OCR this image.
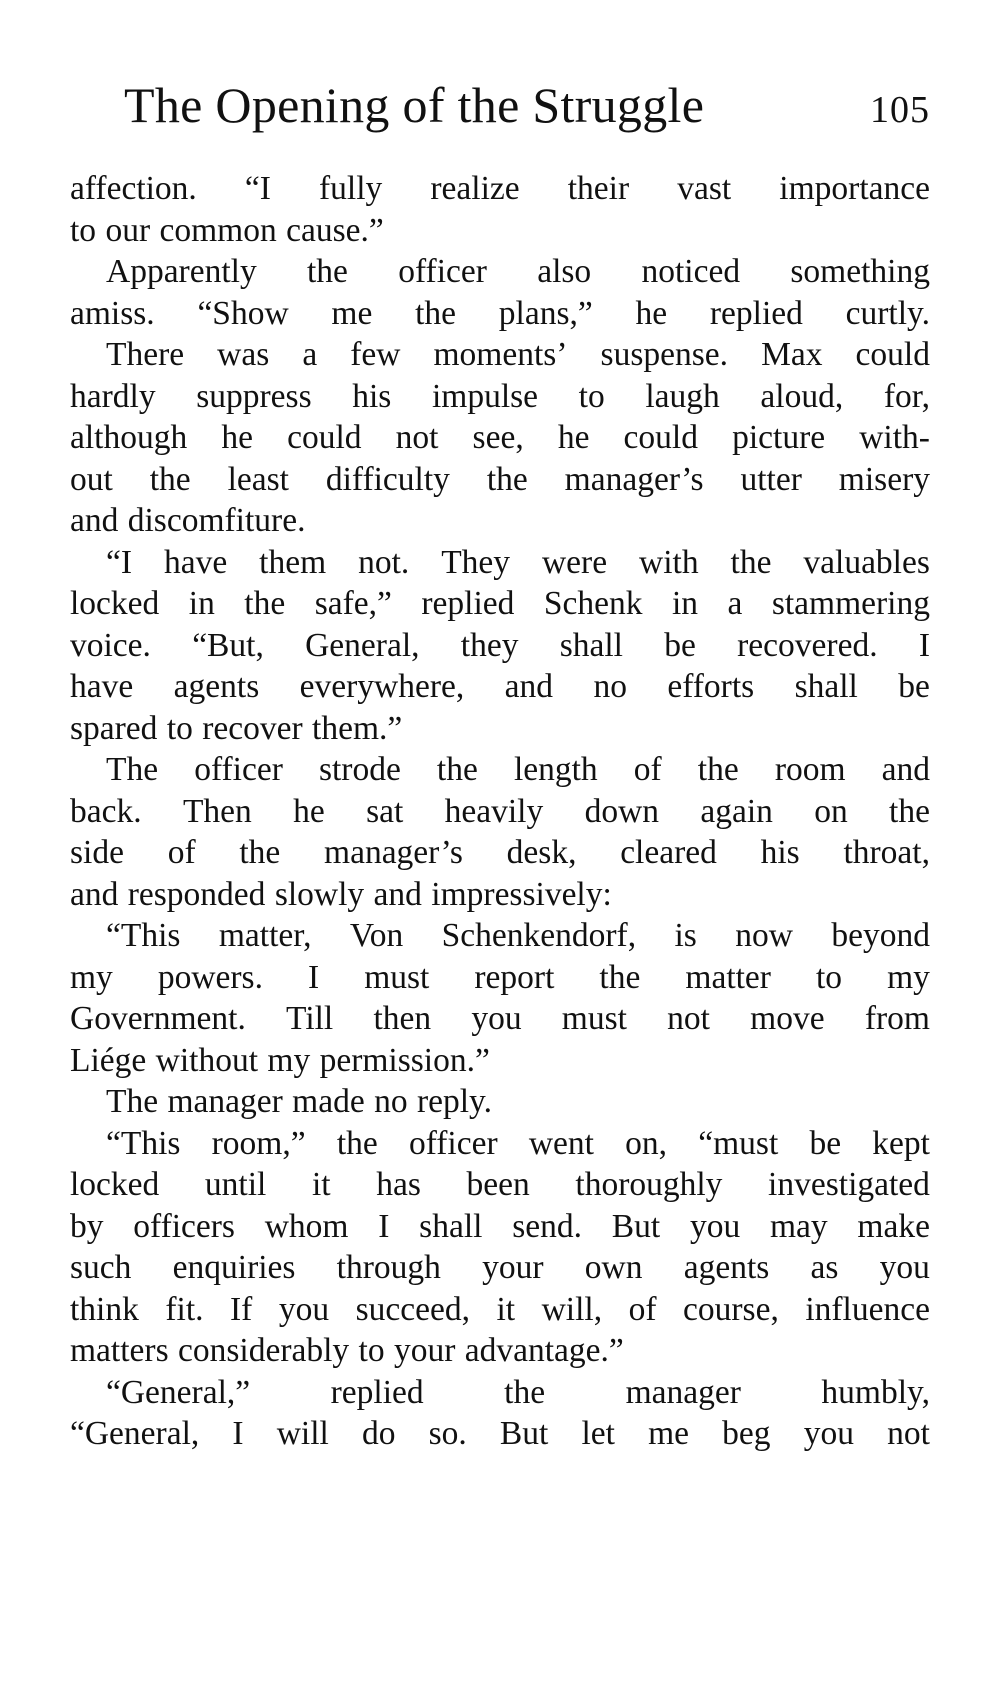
The Opening of the Struggle	105
affection. “I fully realize their vast importance
to our common cause.”
Apparently the officer also noticed something
amiss. “Show me the plans,” he replied curtly.
There was a few moments’ suspense. Max could
hardly suppress his impulse to laugh aloud, for,
although he could not see, he could picture with-
out the least difficulty the manager’s utter misery
and discomfiture.
“I have them not. They were with the valuables
locked in the safe,” replied Schenk in a stammering
voice. “But, General, they shall be recovered. I
have agents everywhere, and no efforts shall be
spared to recover them.”
The officer strode the length of the room and
back. Then he sat heavily down again on the
side of the manager’s desk, cleared his throat,
and responded slowly and impressively:
“This matter, Von Schenkendorf, is now beyond
my powers. I must report the matter to my
Government. Till then you must not move from
Liége without my permission.”
The manager made no reply.
“This room,” the officer went on, “must be kept
locked until it has been thoroughly investigated
by officers whom I shall send. But you may make
such enquiries through your own agents as you
think fit. If you succeed, it will, of course, influence
matters considerably to your advantage.”
“General,” replied the manager humbly,
“General, I will do so. But let me beg you not
